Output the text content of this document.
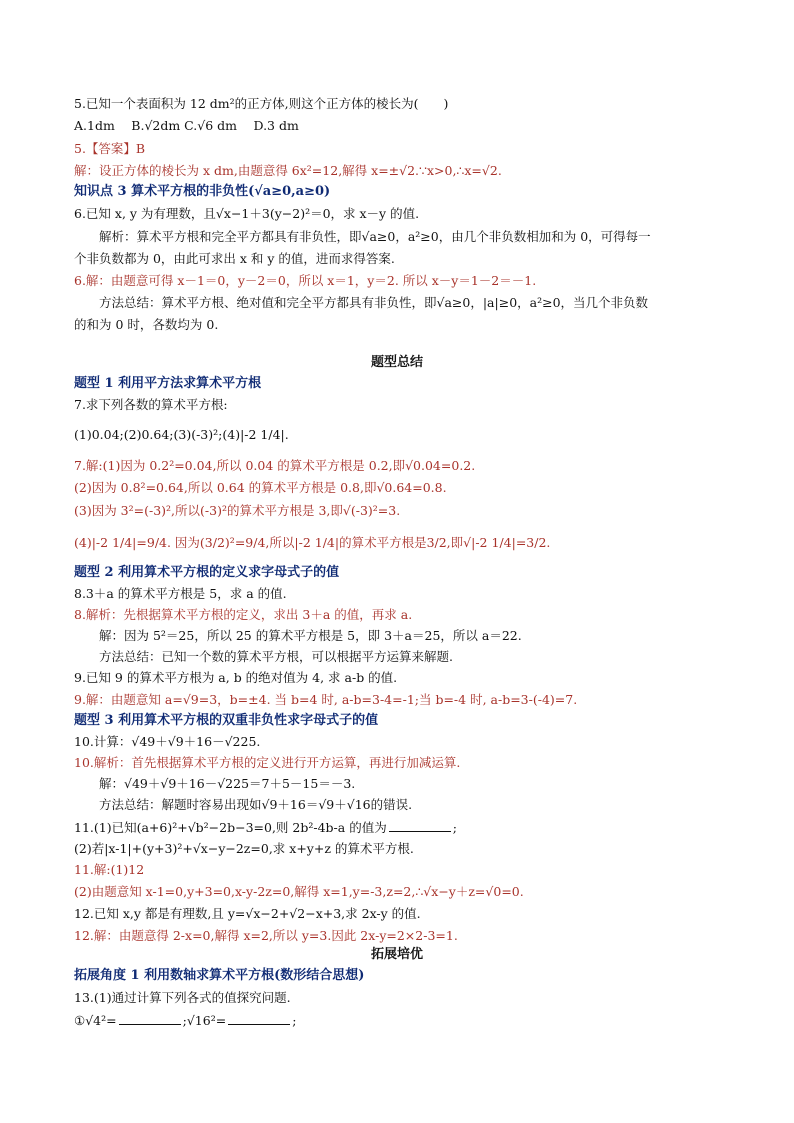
5.已知一个表面积为 12 dm²的正方体,则这个正方体的棱长为(　　)
A.1dm　 B.√2dm C.√6 dm　 D.3 dm
5.【答案】B
解：设正方体的棱长为 x dm,由题意得 6x²=12,解得 x=±√2.∵x>0,∴x=√2.
知识点 3 算术平方根的非负性(√a≥0,a≥0)
6.已知 x, y 为有理数，且√x−1＋3(y−2)²＝0，求 x－y 的值.
解析：算术平方根和完全平方都具有非负性，即√a≥0，a²≥0，由几个非负数相加和为 0，可得每一
个非负数都为 0，由此可求出 x 和 y 的值，进而求得答案.
6.解：由题意可得 x－1＝0，y－2＝0，所以 x＝1，y＝2. 所以 x－y＝1－2＝－1.
方法总结：算术平方根、绝对值和完全平方都具有非负性，即√a≥0，|a|≥0，a²≥0，当几个非负数
的和为 0 时，各数均为 0.
题型总结
题型 1 利用平方法求算术平方根
7.求下列各数的算术平方根:
(1)0.04;(2)0.64;(3)(-3)²;(4)|-2 1/4|.
7.解:(1)因为 0.2²=0.04,所以 0.04 的算术平方根是 0.2,即√0.04=0.2.
(2)因为 0.8²=0.64,所以 0.64 的算术平方根是 0.8,即√0.64=0.8.
(3)因为 3²=(-3)²,所以(-3)²的算术平方根是 3,即√(-3)²=3.
(4)|-2 1/4|=9/4. 因为(3/2)²=9/4,所以|-2 1/4|的算术平方根是3/2,即√|-2 1/4|=3/2.
题型 2 利用算术平方根的定义求字母式子的值
8.3＋a 的算术平方根是 5，求 a 的值.
8.解析：先根据算术平方根的定义，求出 3＋a 的值，再求 a.
解：因为 5²＝25，所以 25 的算术平方根是 5，即 3＋a＝25，所以 a＝22.
方法总结：已知一个数的算术平方根，可以根据平方运算来解题.
9.已知 9 的算术平方根为 a, b 的绝对值为 4, 求 a-b 的值.
9.解：由题意知 a=√9=3，b=±4. 当 b=4 时, a-b=3-4=-1;当 b=-4 时, a-b=3-(-4)=7.
题型 3 利用算术平方根的双重非负性求字母式子的值
10.计算：√49＋√9＋16－√225.
10.解析：首先根据算术平方根的定义进行开方运算，再进行加减运算.
解：√49＋√9＋16－√225＝7＋5－15＝－3.
方法总结：解题时容易出现如√9＋16＝√9＋√16的错误.
11.(1)已知(a+6)²+√b²−2b−3=0,则 2b²-4b-a 的值为	;
(2)若|x-1|+(y+3)²+√x−y−2z=0,求 x+y+z 的算术平方根.
11.解:(1)12
(2)由题意知 x-1=0,y+3=0,x-y-2z=0,解得 x=1,y=-3,z=2,∴√x−y＋z=√0=0.
12.已知 x,y 都是有理数,且 y=√x−2+√2−x+3,求 2x-y 的值.
12.解：由题意得 2-x=0,解得 x=2,所以 y=3.因此 2x-y=2×2-3=1.
拓展培优
拓展角度 1 利用数轴求算术平方根(数形结合思想)
13.(1)通过计算下列各式的值探究问题.
①√4²=	;√16²=	;
